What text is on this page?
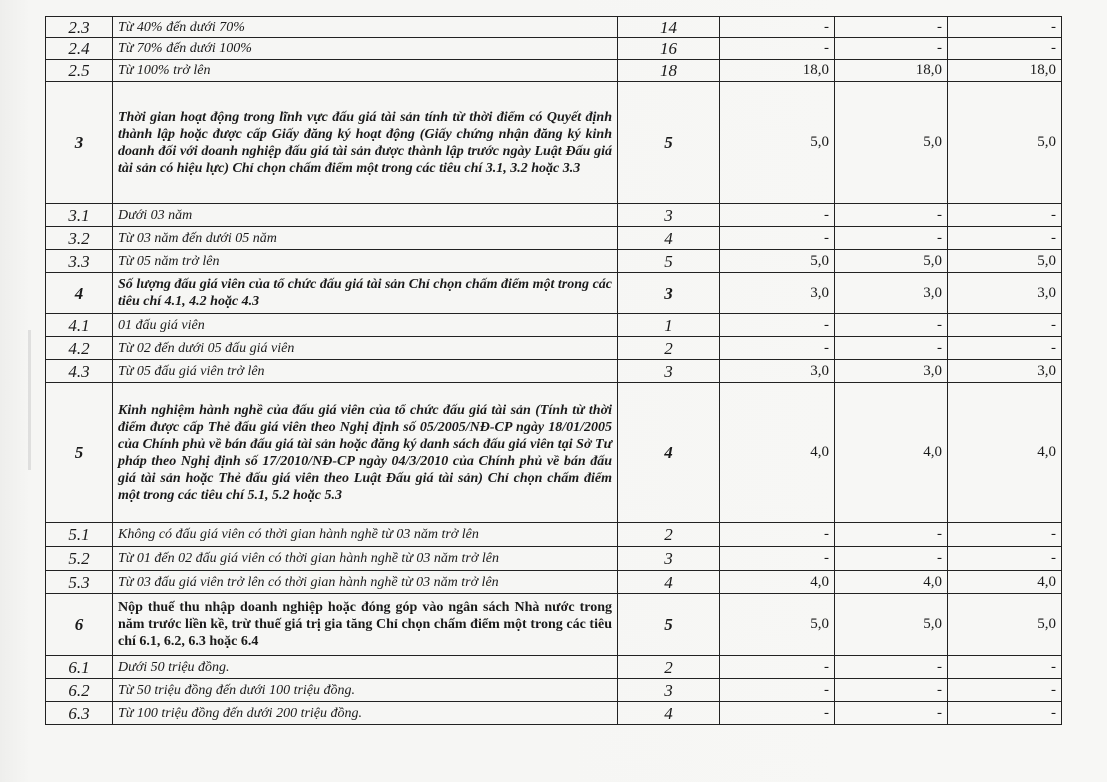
2.3	Từ 40% đến dưới 70%	14	-	-	-
2.4	Từ 70% đến dưới 100%	16	-	-	-
2.5	Từ 100% trở lên	18	18,0	18,0	18,0
3	Thời gian hoạt động trong lĩnh vực đấu giá tài sản tính từ thời điểm có Quyết định thành lập hoặc được cấp Giấy đăng ký hoạt động (Giấy chứng nhận đăng ký kinh doanh đối với doanh nghiệp đấu giá tài sản được thành lập trước ngày Luật Đấu giá tài sản có hiệu lực) Chỉ chọn chấm điểm một trong các tiêu chí 3.1, 3.2 hoặc 3.3	5	5,0	5,0	5,0
3.1	Dưới 03 năm	3	-	-	-
3.2	Từ 03 năm đến dưới 05 năm	4	-	-	-
3.3	Từ 05 năm trở lên	5	5,0	5,0	5,0
4	Số lượng đấu giá viên của tổ chức đấu giá tài sản Chỉ chọn chấm điểm một trong các tiêu chí 4.1, 4.2 hoặc 4.3	3	3,0	3,0	3,0
4.1	01 đấu giá viên	1	-	-	-
4.2	Từ 02 đến dưới 05 đấu giá viên	2	-	-	-
4.3	Từ 05 đấu giá viên trở lên	3	3,0	3,0	3,0
5	Kinh nghiệm hành nghề của đấu giá viên của tổ chức đấu giá tài sản (Tính từ thời điểm được cấp Thẻ đấu giá viên theo Nghị định số 05/2005/NĐ-CP ngày 18/01/2005 của Chính phủ về bán đấu giá tài sản hoặc đăng ký danh sách đấu giá viên tại Sở Tư pháp theo Nghị định số 17/2010/NĐ-CP ngày 04/3/2010 của Chính phủ về bán đấu giá tài sản hoặc Thẻ đấu giá viên theo Luật Đấu giá tài sản) Chỉ chọn chấm điểm một trong các tiêu chí 5.1, 5.2 hoặc 5.3	4	4,0	4,0	4,0
5.1	Không có đấu giá viên có thời gian hành nghề từ 03 năm trở lên	2	-	-	-
5.2	Từ 01 đến 02 đấu giá viên có thời gian hành nghề từ 03 năm trở lên	3	-	-	-
5.3	Từ 03 đấu giá viên trở lên có thời gian hành nghề từ 03 năm trở lên	4	4,0	4,0	4,0
6	Nộp thuế thu nhập doanh nghiệp hoặc đóng góp vào ngân sách Nhà nước trong năm trước liền kề, trừ thuế giá trị gia tăng Chỉ chọn chấm điểm một trong các tiêu chí 6.1, 6.2, 6.3 hoặc 6.4	5	5,0	5,0	5,0
6.1	Dưới 50 triệu đồng.	2	-	-	-
6.2	Từ 50 triệu đồng đến dưới 100 triệu đồng.	3	-	-	-
6.3	Từ 100 triệu đồng đến dưới 200 triệu đồng.	4	-	-	-
